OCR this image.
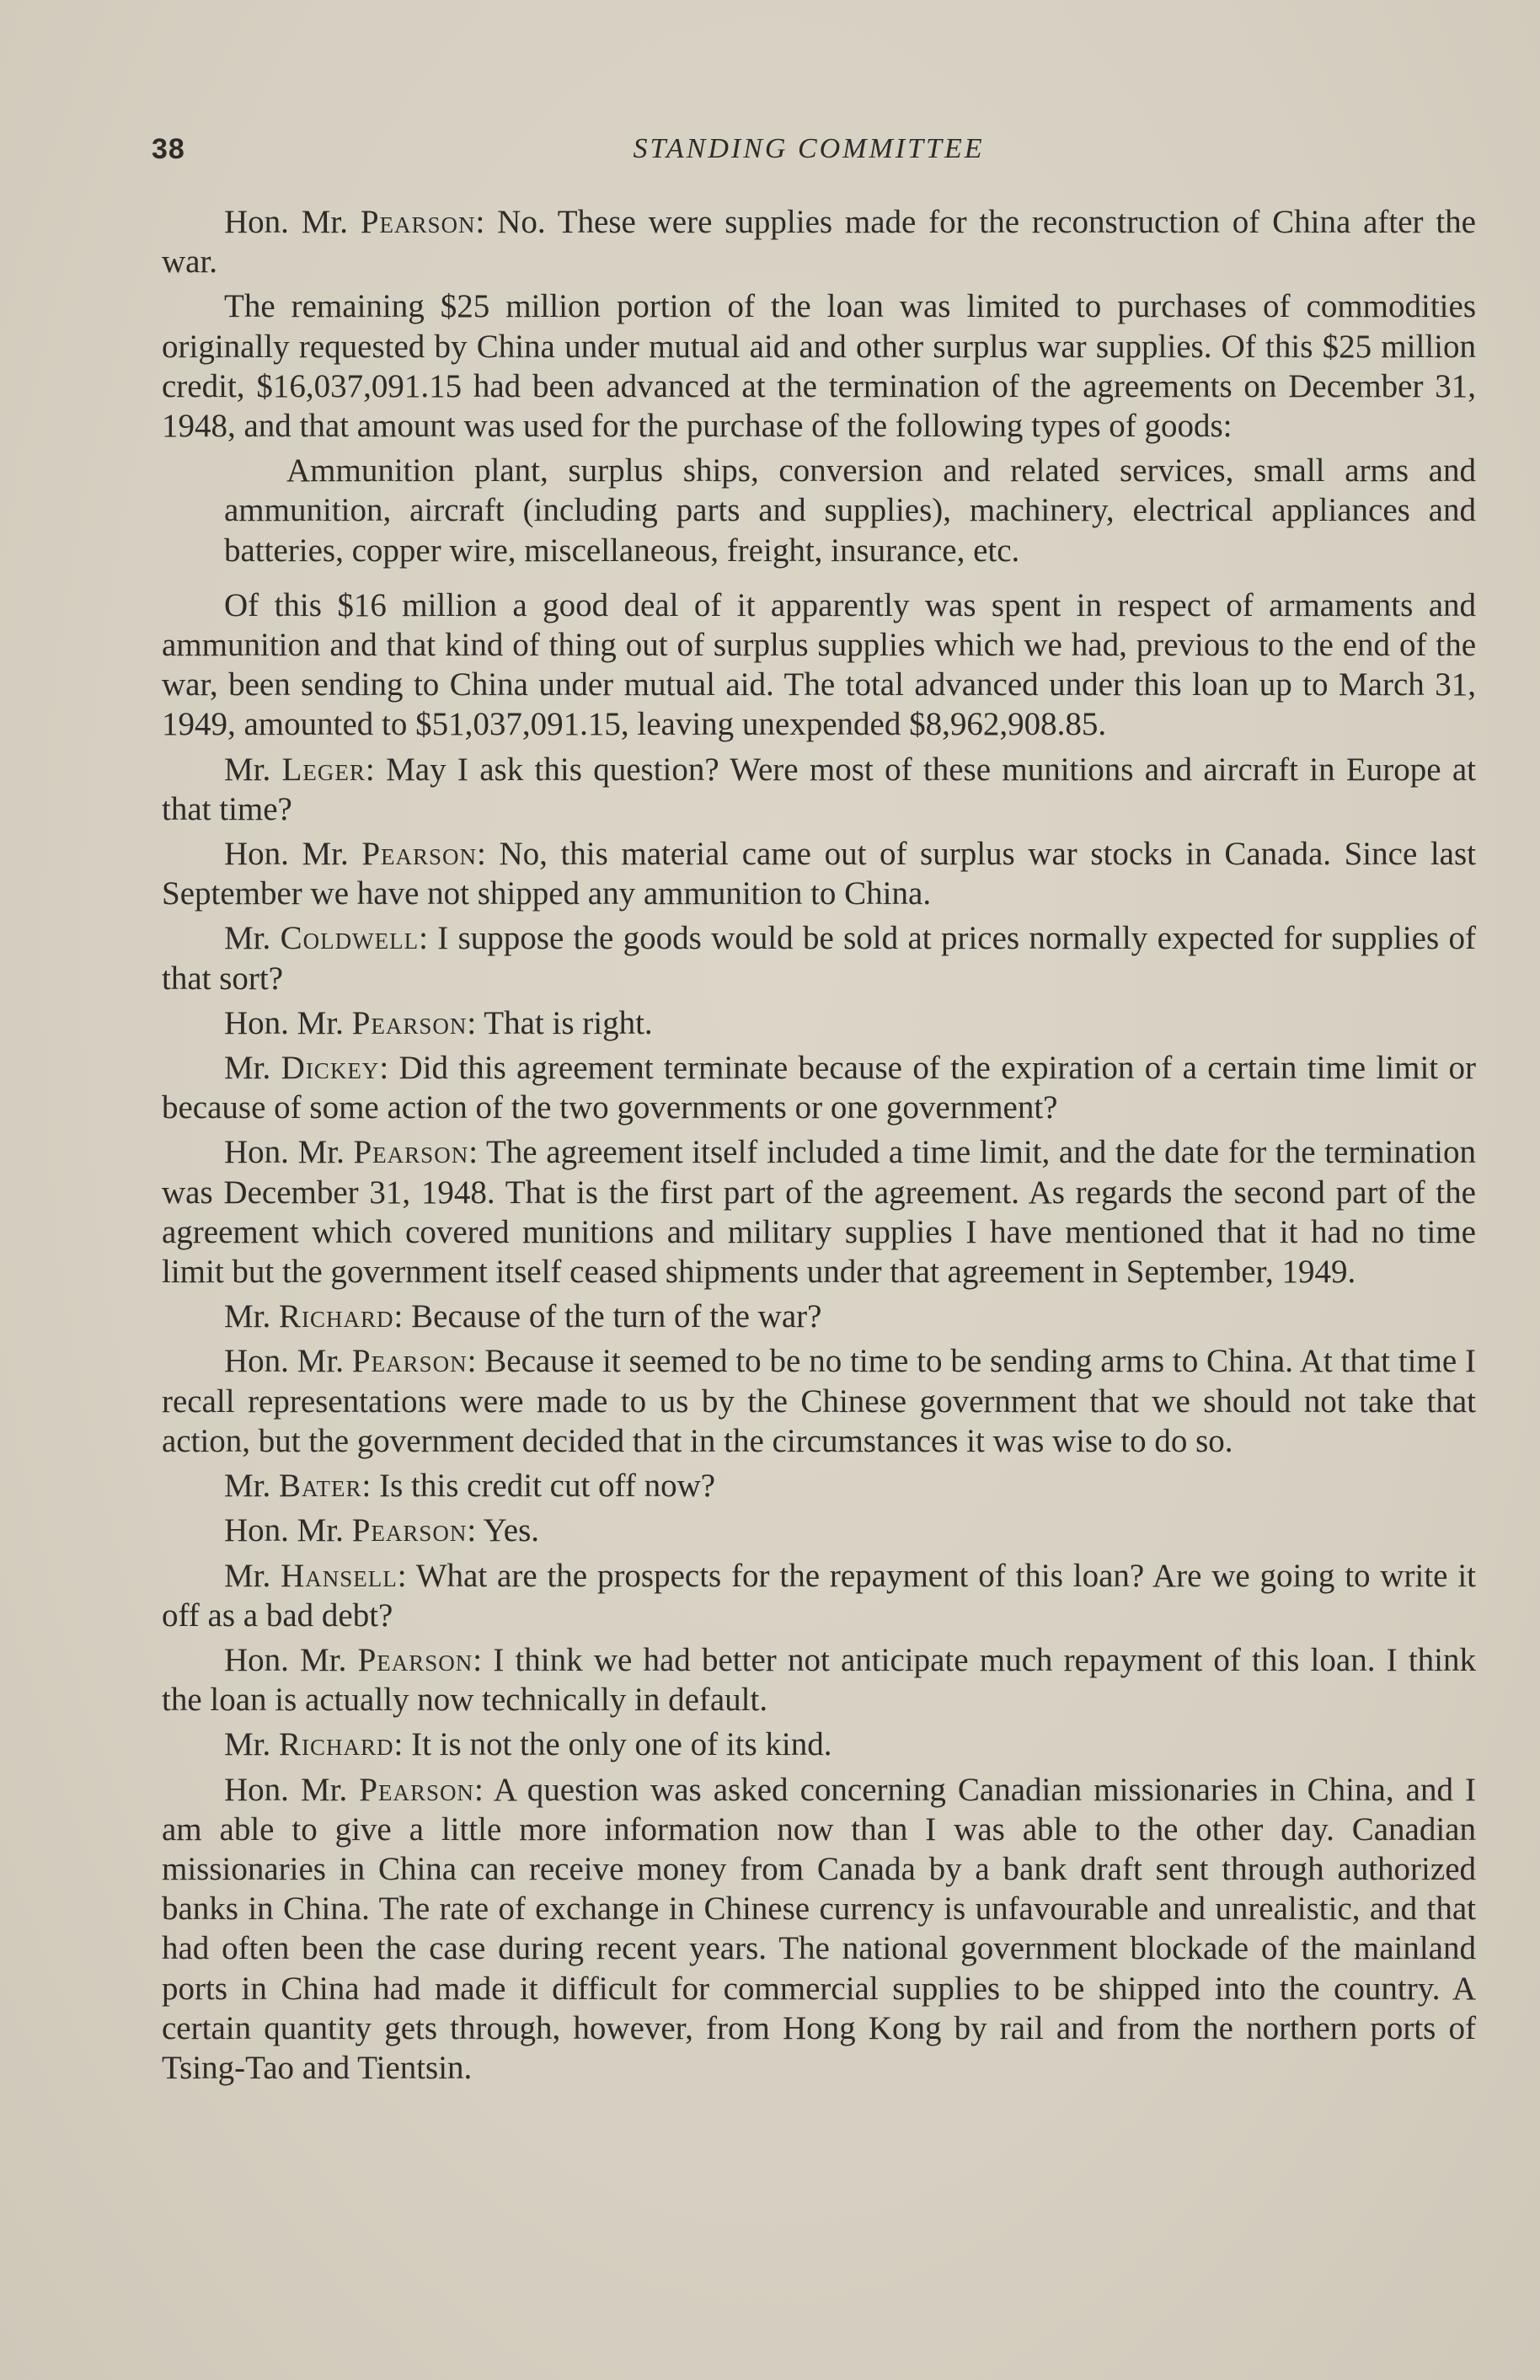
38	STANDING COMMITTEE

Hon. Mr. Pearson: No. These were supplies made for the reconstruction of China after the war.

The remaining $25 million portion of the loan was limited to purchases of commodities originally requested by China under mutual aid and other surplus war supplies. Of this $25 million credit, $16,037,091.15 had been advanced at the termination of the agreements on December 31, 1948, and that amount was used for the purchase of the following types of goods:

Ammunition plant, surplus ships, conversion and related services, small arms and ammunition, aircraft (including parts and supplies), machinery, electrical appliances and batteries, copper wire, miscellaneous, freight, insurance, etc.

Of this $16 million a good deal of it apparently was spent in respect of armaments and ammunition and that kind of thing out of surplus supplies which we had, previous to the end of the war, been sending to China under mutual aid. The total advanced under this loan up to March 31, 1949, amounted to $51,037,091.15, leaving unexpended $8,962,908.85.

Mr. Leger: May I ask this question? Were most of these munitions and aircraft in Europe at that time?

Hon. Mr. Pearson: No, this material came out of surplus war stocks in Canada. Since last September we have not shipped any ammunition to China.

Mr. Coldwell: I suppose the goods would be sold at prices normally expected for supplies of that sort?

Hon. Mr. Pearson: That is right.

Mr. Dickey: Did this agreement terminate because of the expiration of a certain time limit or because of some action of the two governments or one government?

Hon. Mr. Pearson: The agreement itself included a time limit, and the date for the termination was December 31, 1948. That is the first part of the agreement. As regards the second part of the agreement which covered munitions and military supplies I have mentioned that it had no time limit but the government itself ceased shipments under that agreement in September, 1949.

Mr. Richard: Because of the turn of the war?

Hon. Mr. Pearson: Because it seemed to be no time to be sending arms to China. At that time I recall representations were made to us by the Chinese government that we should not take that action, but the government decided that in the circumstances it was wise to do so.

Mr. Bater: Is this credit cut off now?

Hon. Mr. Pearson: Yes.

Mr. Hansell: What are the prospects for the repayment of this loan? Are we going to write it off as a bad debt?

Hon. Mr. Pearson: I think we had better not anticipate much repayment of this loan. I think the loan is actually now technically in default.

Mr. Richard: It is not the only one of its kind.

Hon. Mr. Pearson: A question was asked concerning Canadian missionaries in China, and I am able to give a little more information now than I was able to the other day. Canadian missionaries in China can receive money from Canada by a bank draft sent through authorized banks in China. The rate of exchange in Chinese currency is unfavourable and unrealistic, and that had often been the case during recent years. The national government blockade of the mainland ports in China had made it difficult for commercial supplies to be shipped into the country. A certain quantity gets through, however, from Hong Kong by rail and from the northern ports of Tsing-Tao and Tientsin.
